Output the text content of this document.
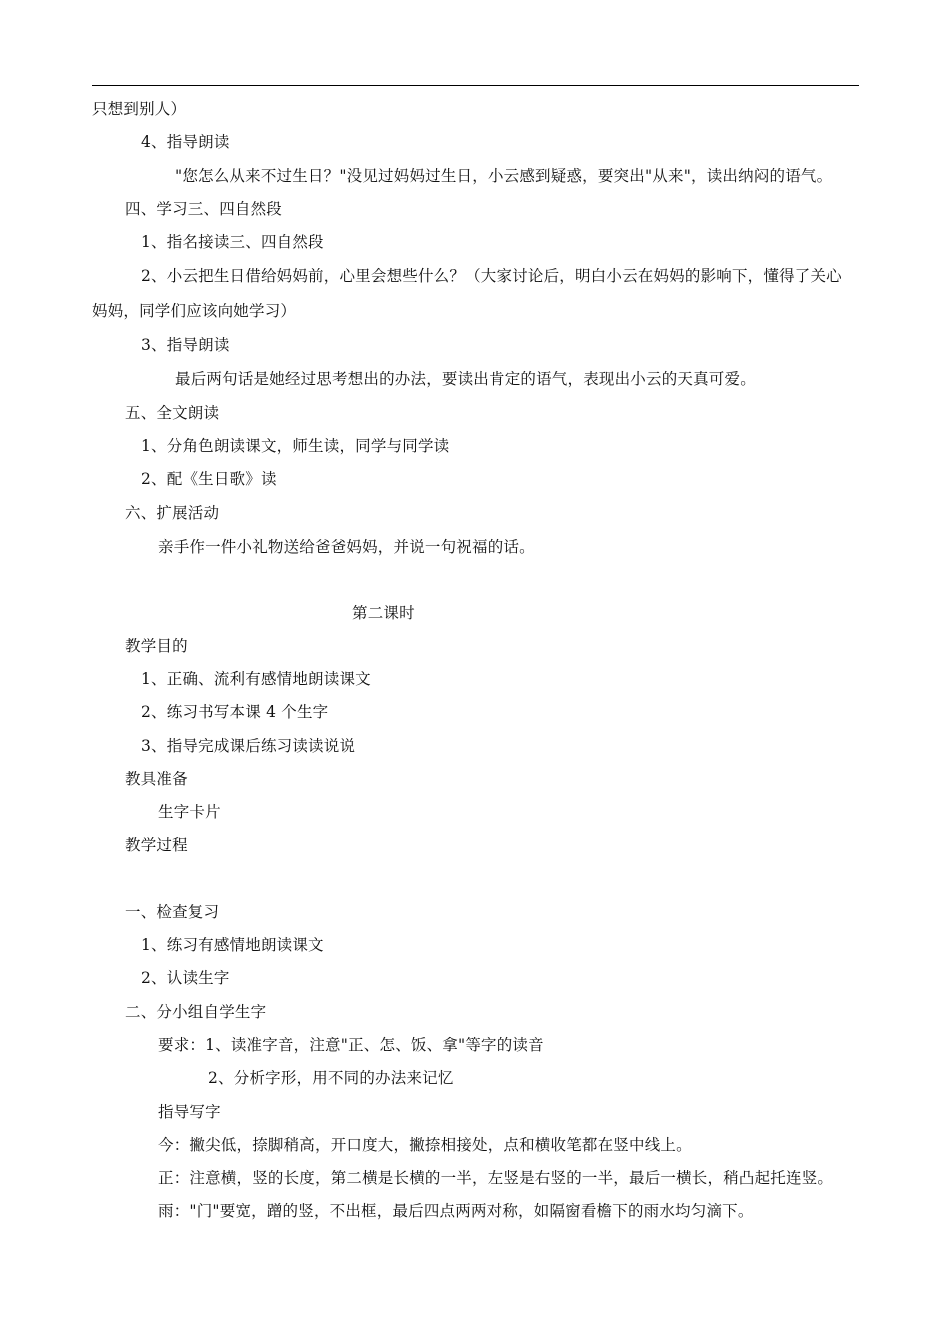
只想到别人）
4、指导朗读
"您怎么从来不过生日？"没见过妈妈过生日，小云感到疑惑，要突出"从来"，读出纳闷的语气。
四、学习三、四自然段
1、指名接读三、四自然段
2、小云把生日借给妈妈前，心里会想些什么？（大家讨论后，明白小云在妈妈的影响下，懂得了关心
妈妈，同学们应该向她学习）
3、指导朗读
最后两句话是她经过思考想出的办法，要读出肯定的语气，表现出小云的天真可爱。
五、全文朗读
1、分角色朗读课文，师生读，同学与同学读
2、配《生日歌》读
六、扩展活动
亲手作一件小礼物送给爸爸妈妈，并说一句祝福的话。
第二课时
教学目的
1、正确、流利有感情地朗读课文
2、练习书写本课 4 个生字
3、指导完成课后练习读读说说
教具准备
生字卡片
教学过程
一、检查复习
1、练习有感情地朗读课文
2、认读生字
二、分小组自学生字
要求：1、读准字音，注意"正、怎、饭、拿"等字的读音
2、分析字形，用不同的办法来记忆
指导写字
今：撇尖低，捺脚稍高，开口度大，撇捺相接处，点和横收笔都在竖中线上。
正：注意横，竖的长度，第二横是长横的一半，左竖是右竖的一半，最后一横长，稍凸起托连竖。
雨："门"要宽，蹭的竖，不出框，最后四点两两对称，如隔窗看檐下的雨水均匀滴下。
